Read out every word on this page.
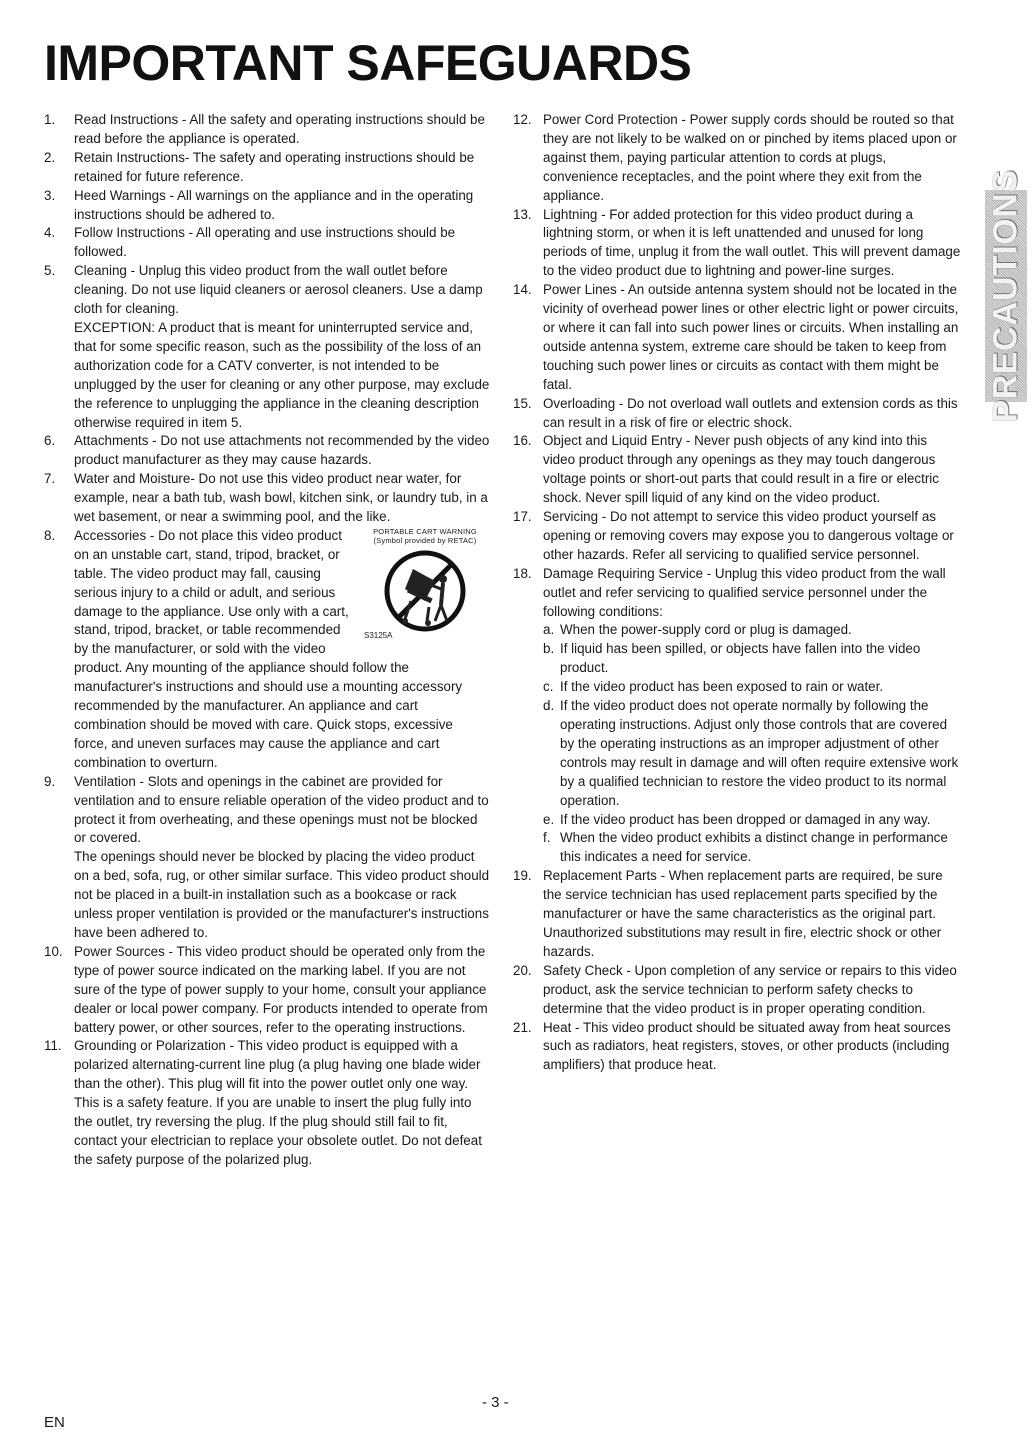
IMPORTANT SAFEGUARDS
1.	Read Instructions - All the safety and operating instructions should be read before the appliance is operated.
2.	Retain Instructions- The safety and operating instructions should be retained for future reference.
3.	Heed Warnings - All warnings on the appliance and in the operating instructions should be adhered to.
4.	Follow Instructions - All operating and use instructions should be followed.
5.	Cleaning - Unplug this video product from the wall outlet before cleaning. Do not use liquid cleaners or aerosol cleaners. Use a damp cloth for cleaning.
EXCEPTION: A product that is meant for uninterrupted service and, that for some specific reason, such as the possibility of the loss of an authorization code for a CATV converter, is not intended to be unplugged by the user for cleaning or any other purpose, may exclude the reference to unplugging the appliance in the cleaning description otherwise required in item 5.
6.	Attachments - Do not use attachments not recommended by the video product manufacturer as they may cause hazards.
7.	Water and Moisture- Do not use this video product near water, for example, near a bath tub, wash bowl, kitchen sink, or laundry tub, in a wet basement, or near a swimming pool, and the like.
8.	PORTABLE CART WARNING
(Symbol provided by RETAC)
S3125A
Accessories - Do not place this video product on an unstable cart, stand, tripod, bracket, or table. The video product may fall, causing serious injury to a child or adult, and serious damage to the appliance. Use only with a cart, stand, tripod, bracket, or table recommended by the manufacturer, or sold with the video product. Any mounting of the appliance should follow the manufacturer's instructions and should use a mounting accessory recommended by the manufacturer. An appliance and cart combination should be moved with care. Quick stops, excessive force, and uneven surfaces may cause the appliance and cart combination to overturn.
9.	Ventilation - Slots and openings in the cabinet are provided for ventilation and to ensure reliable operation of the video product and to protect it from overheating, and these openings must not be blocked or covered.
The openings should never be blocked by placing the video product on a bed, sofa, rug, or other similar surface. This video product should not be placed in a built-in installation such as a bookcase or rack unless proper ventilation is provided or the manufacturer's instructions have been adhered to.
10. Power Sources - This video product should be operated only from the type of power source indicated on the marking label. If you are not sure of the type of power supply to your home, consult your appliance dealer or local power company. For products intended to operate from battery power, or other sources, refer to the operating instructions.
11. Grounding or Polarization - This video product is equipped with a polarized alternating-current line plug (a plug having one blade wider than the other). This plug will fit into the power outlet only one way. This is a safety feature. If you are unable to insert the plug fully into the outlet, try reversing the plug. If the plug should still fail to fit, contact your electrician to replace your obsolete outlet. Do not defeat the safety purpose of the polarized plug.
12. Power Cord Protection - Power supply cords should be routed so that they are not likely to be walked on or pinched by items placed upon or against them, paying particular attention to cords at plugs, convenience receptacles, and the point where they exit from the appliance.
13. Lightning - For added protection for this video product during a lightning storm, or when it is left unattended and unused for long periods of time, unplug it from the wall outlet. This will prevent damage to the video product due to lightning and power-line surges.
14. Power Lines - An outside antenna system should not be located in the vicinity of overhead power lines or other electric light or power circuits, or where it can fall into such power lines or circuits. When installing an outside antenna system, extreme care should be taken to keep from touching such power lines or circuits as contact with them might be fatal.
15. Overloading - Do not overload wall outlets and extension cords as this can result in a risk of fire or electric shock.
16. Object and Liquid Entry - Never push objects of any kind into this video product through any openings as they may touch dangerous voltage points or short-out parts that could result in a fire or electric shock. Never spill liquid of any kind on the video product.
17. Servicing - Do not attempt to service this video product yourself as opening or removing covers may expose you to dangerous voltage or other hazards. Refer all servicing to qualified service personnel.
18. Damage Requiring Service - Unplug this video product from the wall outlet and refer servicing to qualified service personnel under the following conditions:
a. When the power-supply cord or plug is damaged.
b. If liquid has been spilled, or objects have fallen into the video product.
c. If the video product has been exposed to rain or water.
d. If the video product does not operate normally by following the operating instructions. Adjust only those controls that are covered by the operating instructions as an improper adjustment of other controls may result in damage and will often require extensive work by a qualified technician to restore the video product to its normal operation.
e. If the video product has been dropped or damaged in any way.
f. When the video product exhibits a distinct change in performance this indicates a need for service.
19. Replacement Parts - When replacement parts are required, be sure the service technician has used replacement parts specified by the manufacturer or have the same characteristics as the original part. Unauthorized substitutions may result in fire, electric shock or other hazards.
20. Safety Check - Upon completion of any service or repairs to this video product, ask the service technician to perform safety checks to determine that the video product is in proper operating condition.
21. Heat - This video product should be situated away from heat sources such as radiators, heat registers, stoves, or other products (including amplifiers) that produce heat.
PRECAUTIONS
- 3 -
EN
